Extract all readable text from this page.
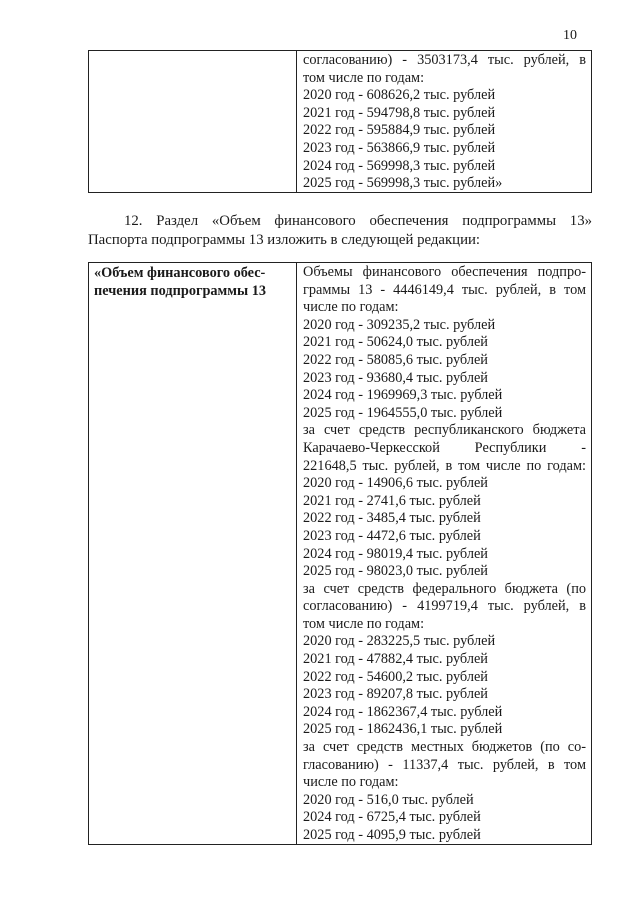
10

согласованию) - 3503173,4 тыс. рублей, в
том числе по годам:
2020 год - 608626,2 тыс. рублей
2021 год - 594798,8 тыс. рублей
2022 год - 595884,9 тыс. рублей
2023 год - 563866,9 тыс. рублей
2024 год - 569998,3 тыс. рублей
2025 год - 569998,3 тыс. рублей»
12. Раздел «Объем финансового обеспечения подпрограммы 13»
Паспорта подпрограммы 13 изложить в следующей редакции:
«Объем финансового обес-
печения подпрограммы 13

Объемы финансового обеспечения подпро-
граммы 13 - 4446149,4 тыс. рублей, в том
числе по годам:
2020 год - 309235,2 тыс. рублей
2021 год - 50624,0 тыс. рублей
2022 год - 58085,6 тыс. рублей
2023 год - 93680,4 тыс. рублей
2024 год - 1969969,3 тыс. рублей
2025 год - 1964555,0 тыс. рублей
за счет средств республиканского бюджета
Карачаево-Черкесской Республики -
221648,5 тыс. рублей, в том числе по годам:
2020 год - 14906,6 тыс. рублей
2021 год - 2741,6 тыс. рублей
2022 год - 3485,4 тыс. рублей
2023 год - 4472,6 тыс. рублей
2024 год - 98019,4 тыс. рублей
2025 год - 98023,0 тыс. рублей
за счет средств федерального бюджета (по
согласованию) - 4199719,4 тыс. рублей, в
том числе по годам:
2020 год - 283225,5 тыс. рублей
2021 год - 47882,4 тыс. рублей
2022 год - 54600,2 тыс. рублей
2023 год - 89207,8 тыс. рублей
2024 год - 1862367,4 тыс. рублей
2025 год - 1862436,1 тыс. рублей
за счет средств местных бюджетов (по со-
гласованию) - 11337,4 тыс. рублей, в том
числе по годам:
2020 год - 516,0 тыс. рублей
2024 год - 6725,4 тыс. рублей
2025 год - 4095,9 тыс. рублей
